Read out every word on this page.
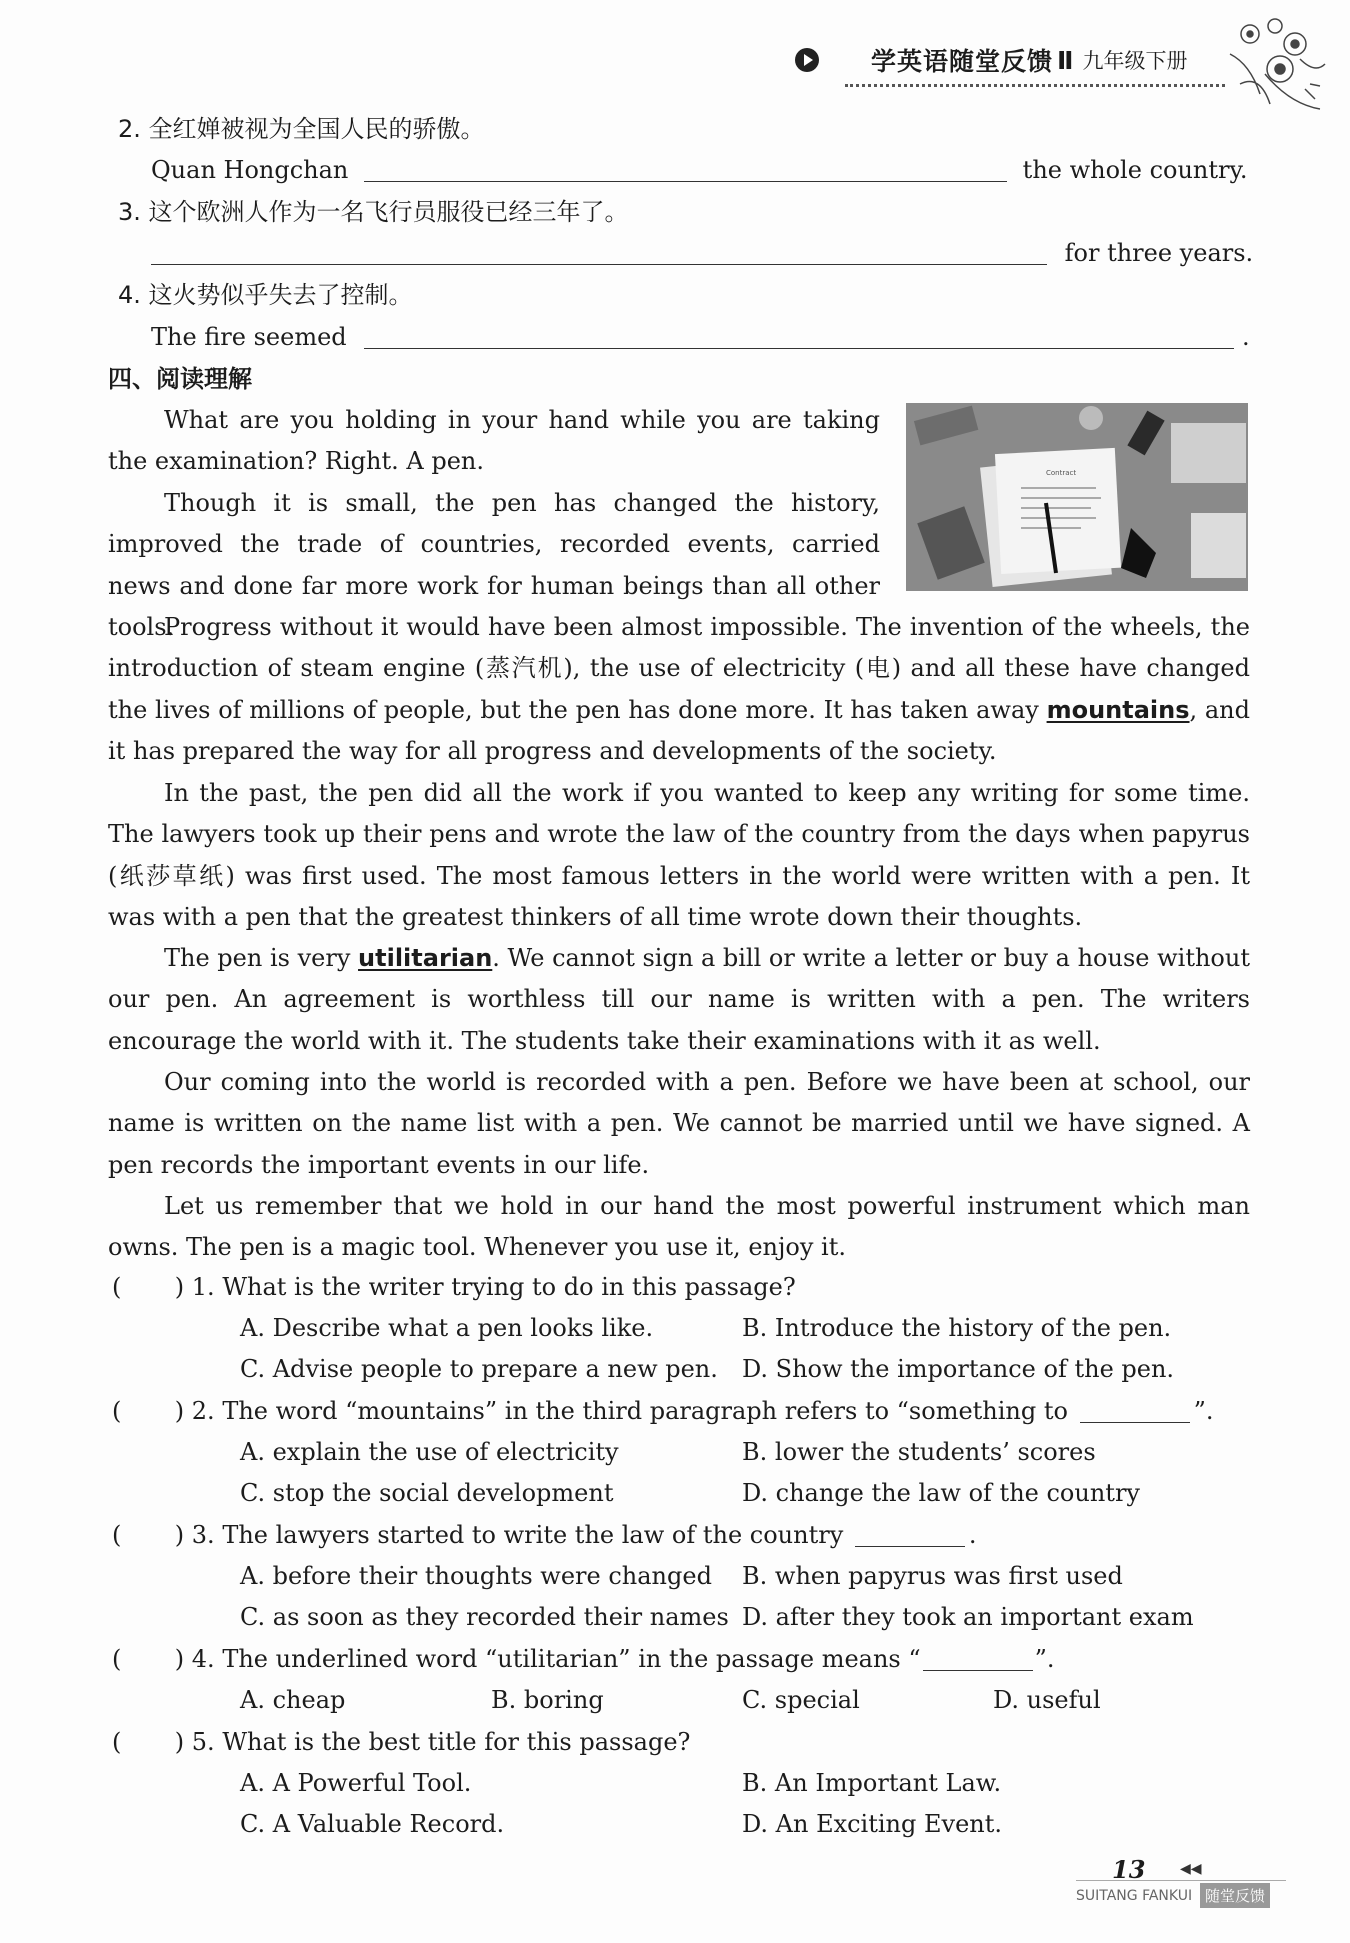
学英语随堂反馈 Ⅱ 九年级下册
2. 全红婵被视为全国人民的骄傲。
Quan Hongchan	the whole country.
3. 这个欧洲人作为一名飞行员服役已经三年了。
for three years.
4. 这火势似乎失去了控制。
The fire seemed	.
四、阅读理解
Contract
What are you holding in your hand while you are taking the examination? Right. A pen.
Though it is small, the pen has changed the history, improved the trade of countries, recorded events, carried news and done far more work for human beings than all other tools.
Progress without it would have been almost impossible. The invention of the wheels, the introduction of steam engine (蒸汽机), the use of electricity (电) and all these have changed the lives of millions of people, but the pen has done more. It has taken away mountains, and it has prepared the way for all progress and developments of the society.
In the past, the pen did all the work if you wanted to keep any writing for some time. The lawyers took up their pens and wrote the law of the country from the days when papyrus (纸莎草纸) was first used. The most famous letters in the world were written with a pen. It was with a pen that the greatest thinkers of all time wrote down their thoughts.
The pen is very utilitarian. We cannot sign a bill or write a letter or buy a house without our pen. An agreement is worthless till our name is written with a pen. The writers encourage the world with it. The students take their examinations with it as well.
Our coming into the world is recorded with a pen. Before we have been at school, our name is written on the name list with a pen. We cannot be married until we have signed. A pen records the important events in our life.
Let us remember that we hold in our hand the most powerful instrument which man owns. The pen is a magic tool. Whenever you use it, enjoy it.
(       ) 1. What is the writer trying to do in this passage?
A. Describe what a pen looks like.	B. Introduce the history of the pen.
C. Advise people to prepare a new pen. D. Show the importance of the pen.
(       ) 2. The word “mountains” in the third paragraph refers to “something to	”.
A. explain the use of electricity	B. lower the students’ scores
C. stop the social development	D. change the law of the country
(       ) 3. The lawyers started to write the law of the country	.
A. before their thoughts were changed B. when papyrus was first used
C. as soon as they recorded their names D. after they took an important exam
(       ) 4. The underlined word “utilitarian” in the passage means “	”.
A. cheap	B. boring	C. special	D. useful
(       ) 5. What is the best title for this passage?
A. A Powerful Tool.	B. An Important Law.
C. A Valuable Record.	D. An Exciting Event.
13 ◀◀
SUITANG FANKUI 随堂反馈
